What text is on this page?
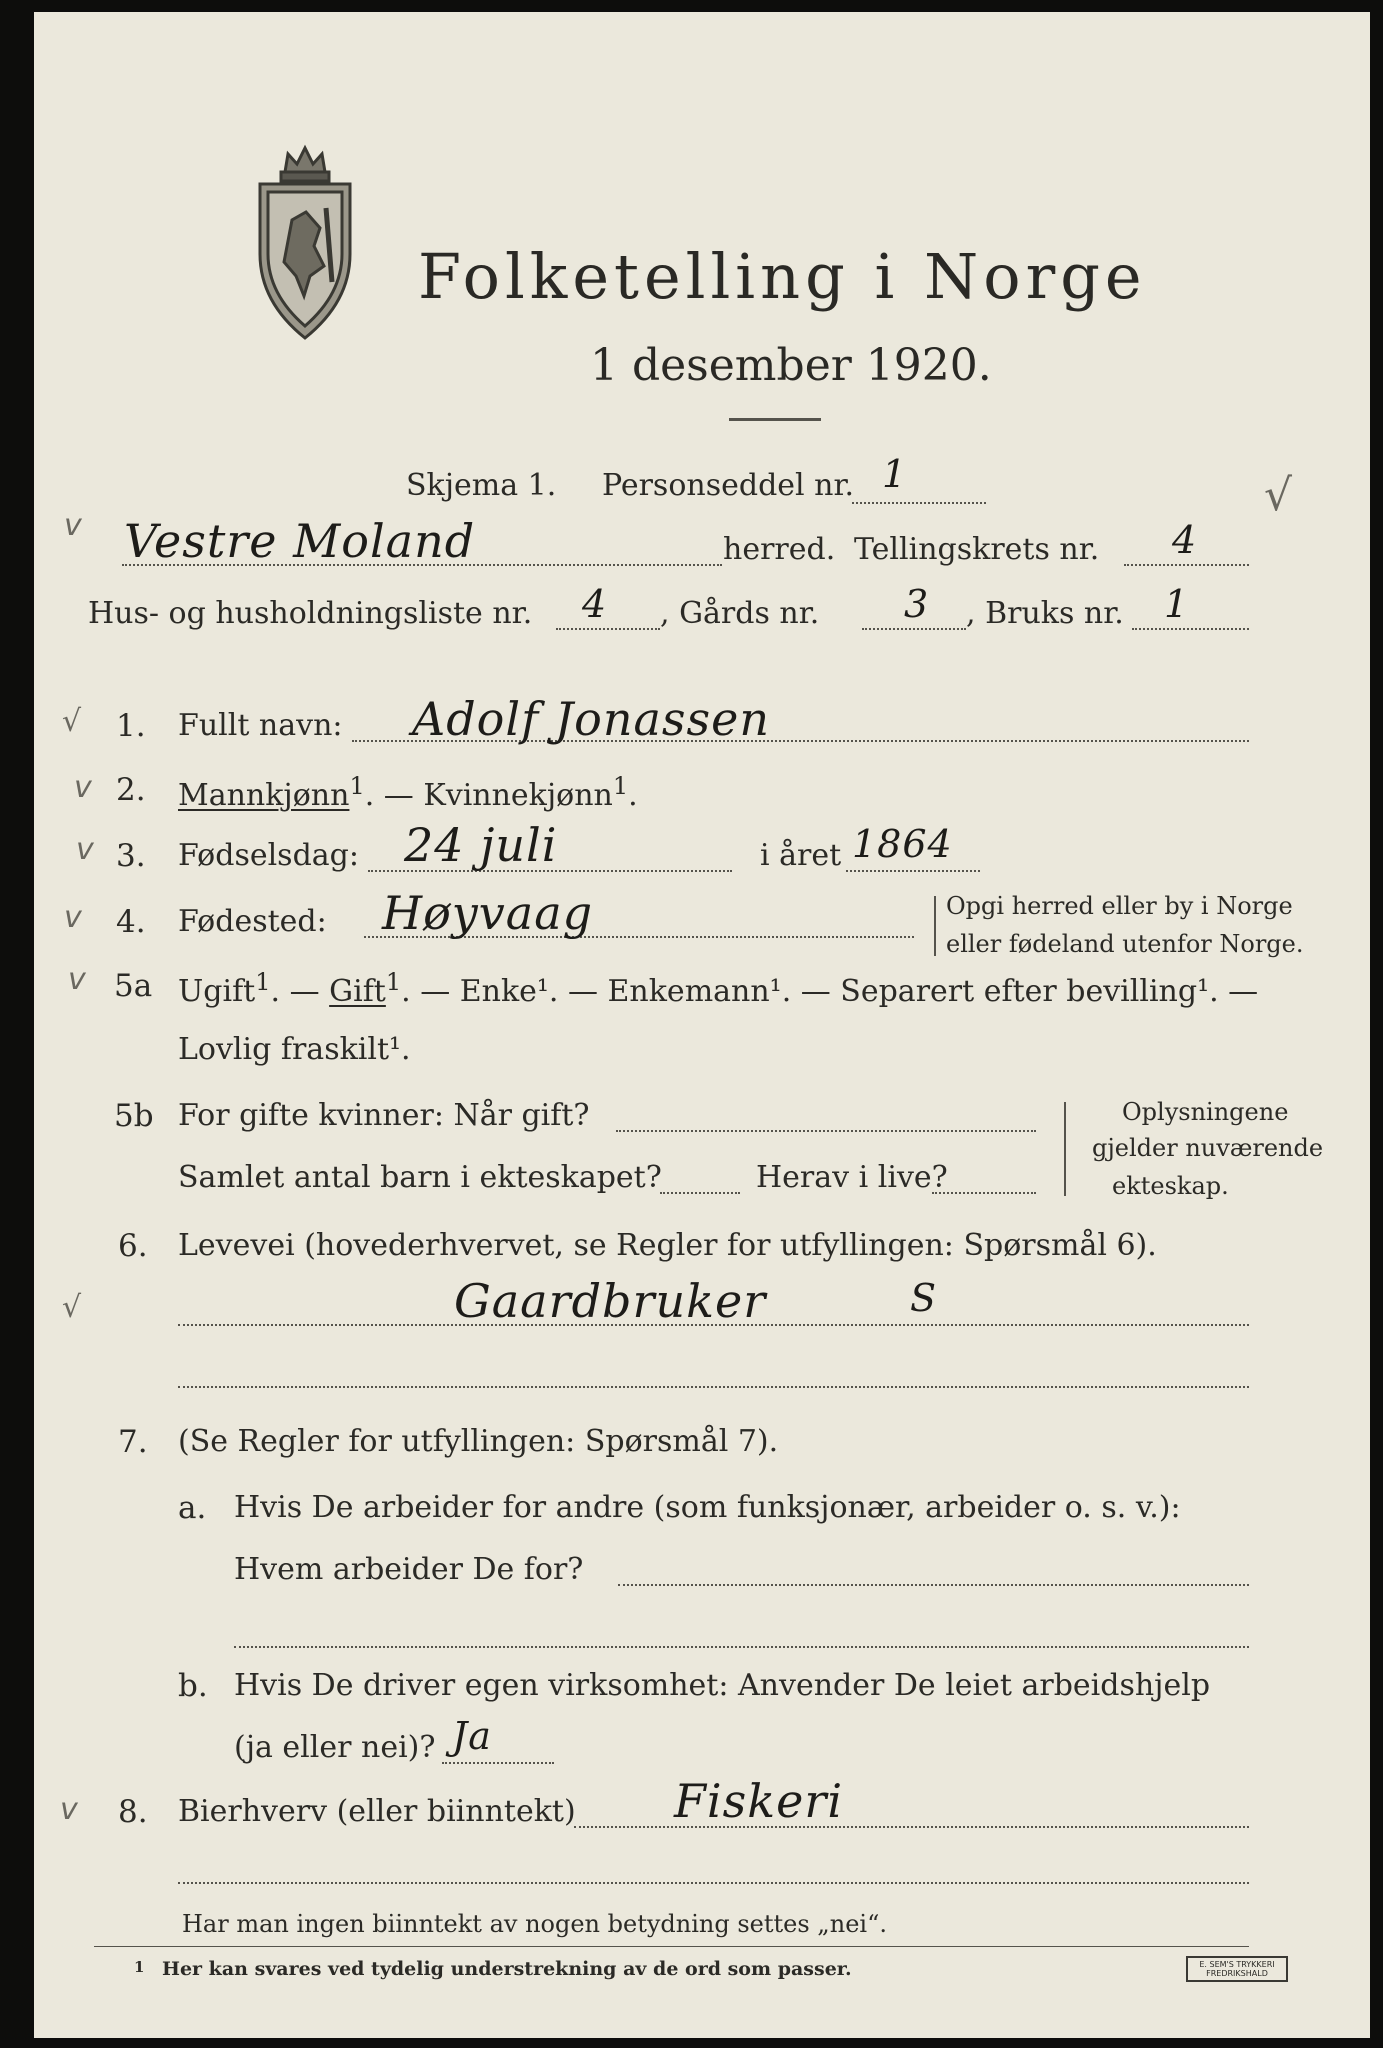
Folketelling i Norge
1 desember 1920.
Skjema 1. Personseddel nr. 1	√
v Vestre Moland	herred. Tellingskrets nr. 4
Hus- og husholdningsliste nr. 4 , Gårds nr. 3 , Bruks nr. 1
√ 1. Fullt navn: Adolf Jonassen
v 2. Mannkjønn$^1$. — Kvinnekjønn$^1$.
v 3. Fødselsdag: 24 juli	i året 1864
v 4. Fødested: Høyvaag	Opgi herred eller by i Norge
eller fødeland utenfor Norge.
v 5a Ugift$^1$. — Gift$^1$. — Enke¹. — Enkemann¹. — Separert efter bevilling¹. —
Lovlig fraskilt¹.
5b For gifte kvinner: Når gift?
Samlet antal barn i ekteskapet?	Herav i live?
Oplysningene
gjelder nuværende
ekteskap.
6. Levevei (hovederhvervet, se Regler for utfyllingen: Spørsmål 6).
√	Gaardbruker	S
7. (Se Regler for utfyllingen: Spørsmål 7).
a. Hvis De arbeider for andre (som funksjonær, arbeider o. s. v.):
Hvem arbeider De for?
b. Hvis De driver egen virksomhet: Anvender De leiet arbeidshjelp
(ja eller nei)? Ja
v 8. Bierhverv (eller biinntekt) Fiskeri
Har man ingen biinntekt av nogen betydning settes „nei“.
1 Her kan svares ved tydelig understrekning av de ord som passer.	E. SEM'S TRYKKERI FREDRIKSHALD
